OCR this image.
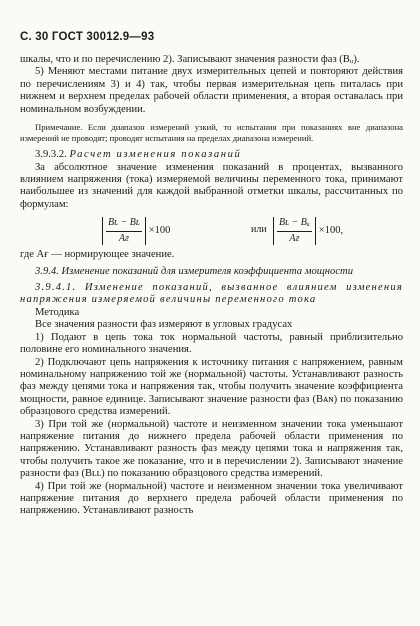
С. 30 ГОСТ 30012.9—93

шкалы, что и по перечислению 2). Записывают значения разности фаз (Bᵤ).

5) Меняют местами питание двух измерительных цепей и повторяют действия по перечислениям 3) и 4) так, чтобы первая измерительная цепь питалась при нижнем и верхнем пределах рабочей области применения, а вторая оставалась при номинальном возбуждении.

Примечание. Если диапазон измерений узкий, то испытания при показаниях вне диапазона измерений не проводят; проводят испытания на пределах диапазона измерений.

3.9.3.2. Расчет изменения показаний

За абсолютное значение изменения показаний в процентах, вызванного влиянием напряжения (тока) измеряемой величины переменного тока, принимают наибольшее из значений для каждой выбранной отметки шкалы, рассчитанных по формулам:

$\frac{\text{Bʟ − Bʟ}}{Aғ} \times 100$	или $\frac{\text{Bʟ − Bᵤ}}{Aғ} \times 100$,

где Aғ — нормирующее значение.

3.9.4. Изменение показаний для измерителя коэффициента мощности

3.9.4.1. Изменение показаний, вызванное влиянием изменения напряжения измеряемой величины переменного тока

Методика

Все значения разности фаз измеряют в угловых градусах

1) Подают в цепь тока ток нормальной частоты, равный приблизительно половине его номинального значения.

2) Подключают цепь напряжения к источнику питания с напряжением, равным номинальному напряжению той же (нормальной) частоты. Устанавливают разность фаз между цепями тока и напряжения так, чтобы получить значение коэффициента мощности, равное единице. Записывают значение разности фаз (Bᴀɴ) по показанию образцового средства измерений.

3) При той же (нормальной) частоте и неизменном значении тока уменьшают напряжение питания до нижнего предела рабочей области применения по напряжению. Устанавливают разность фаз между цепями тока и напряжения так, чтобы получить такое же показание, что и в перечислении 2). Записывают значение разности фаз (Bʟʟ) по показанию образцового средства измерений.

4) При той же (нормальной) частоте и неизменном значении тока увеличивают напряжение питания до верхнего предела рабочей области применения по напряжению. Устанавливают разность
